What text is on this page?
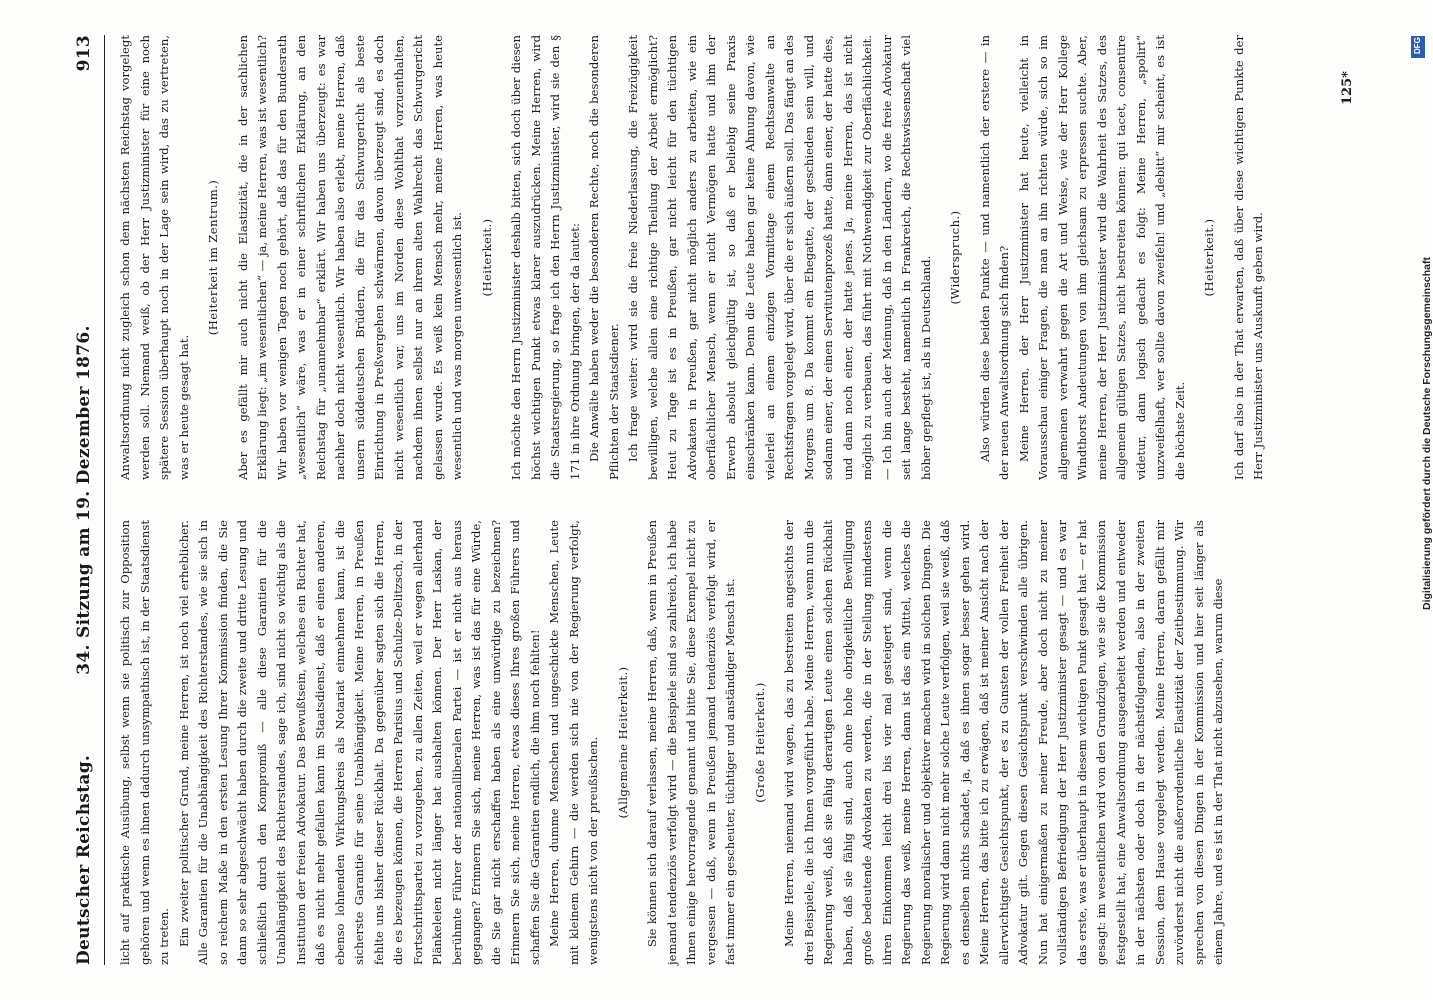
Deutscher Reichstag.
34. Sitzung am 19. Dezember 1876.
913

licht auf praktische Ausübung, selbst wenn sie politisch zur Opposition gehören und wenn es ihnen dadurch unsympathisch ist, in der Staatsdienst zu treten. Ein zweiter politischer Grund, meine Herren, ist noch viel erheblicher. Alle Garantien für die Unabhängigkeit des Richterstandes, wie sie sich in so reichem Maße in den ersten Lesung Ihrer Kommission finden, die Sie dann so sehr abgeschwächt haben durch die zweite und dritte Lesung und schließlich durch den Kompromiß — alle diese Garantien für die Unabhängigkeit des Richterstandes, sage ich, sind nicht so wichtig als die Institution der freien Advokatur. Das Bewußtsein, welches ein Richter hat, daß es nicht mehr gefallen kann im Staatsdienst, daß er einen anderen, ebenso lohnenden Wirkungskreis als Notariat einnehmen kann, ist die sicherste Garantie für seine Unabhängigkeit. Meine Herren, in Preußen fehlte uns bisher dieser Rückhalt. Da gegenüber sagten sich die Herren, die es bezeugen können, die Herren Parisius und Schulze-Delitzsch, in der Fortschrittspartei zu vorzugehen, zu allen Zeiten, weil er wegen allerhand Plänkeleien nicht länger hat aushalten können. Der Herr Laskan, der berühmte Führer der nationalliberalen Partei — ist er nicht aus heraus gegangen? Erinnern Sie sich, meine Herren, was ist das für eine Würde, die Sie gar nicht erschaffen haben als eine unwürdige zu bezeichnen? Erinnern Sie sich, meine Herren, etwas dieses Ihres großen Führers und schaffen Sie die Garantien endlich, die ihm noch fehlten! Meine Herren, dumme Menschen und ungeschickte Menschen, Leute mit kleinem Gehirn — die werden sich nie von der Regierung verfolgt, wenigstens nicht von der preußischen.	(Allgemeine Heiterkeit.)	Sie können sich darauf verlassen, meine Herren, daß, wenn in Preußen jemand tendenziös verfolgt wird — die Beispiele sind so zahlreich, ich habe Ihnen einige hervorragende genannt und bitte Sie, diese Exempel nicht zu vergessen — daß, wenn in Preußen jemand tendenziös verfolgt wird, er fast immer ein gescheuter, tüchtiger und anständiger Mensch ist.	(Große Heiterkeit.)	Meine Herren, niemand wird wagen, das zu bestreiten angesichts der drei Beispiele, die ich Ihnen vorgeführt habe. Meine Herren, wenn nun die Regierung weiß, daß sie fähig derartigen Leute einen solchen Rückhalt haben, daß sie fähig sind, auch ohne hohe obrigkeitliche Bewilligung große bedeutende Advokaten zu werden, die in der Stellung mindestens ihren Einkommen leicht drei bis vier mal gesteigert sind, wenn die Regierung das weiß, meine Herren, dann ist das ein Mittel, welches die Regierung moralischer und objektiver machen wird in solchen Dingen. Die Regierung wird dann nicht mehr solche Leute verfolgen, weil sie weiß, daß es denselben nichts schadet, ja, daß es ihnen sogar besser gehen wird. Meine Herren, das bitte ich zu erwägen, daß ist meiner Ansicht nach der allerwichtigste Gesichtspunkt, der es zu Gunsten der vollen Freiheit der Advokatur gilt. Gegen diesen Gesichtspunkt verschwinden alle übrigen. Nun hat einigermaßen zu meiner Freude, aber doch nicht zu meiner vollständigen Befriedigung der Herr Justizminister gesagt — und es war das erste, was er überhaupt in diesem wichtigen Punkt gesagt hat — er hat gesagt: im wesentlichen wird von den Grundzügen, wie sie die Kommission festgestellt hat, eine Anwaltsordnung ausgearbeitet werden und entweder in der nächsten oder doch in der nächstfolgenden, also in der zweiten Session, dem Hause vorgelegt werden. Meine Herren, daran gefällt mir zuvörderst nicht die außerordentliche Elastizität der Zeitbestimmung. Wir sprechen von diesen Dingen in der Kommission und hier seit länger als einem Jahre, und es ist in der That nicht abzusehen, warum diese

Anwaltsordnung nicht zugleich schon dem nächsten Reichstag vorgelegt werden soll. Niemand weiß, ob der Herr Justizminister für eine noch spätere Session überhaupt noch in der Lage sein wird, das zu vertreten, was er heute gesagt hat.

(Heiterkeit im Zentrum.)	Aber es gefällt mir auch nicht die Elastizität, die in der sachlichen Erklärung liegt: „im wesentlichen“ — ja, meine Herren, was ist wesentlich? Wir haben vor wenigen Tagen noch gehört, daß das für den Bundesrath „wesentlich“ wäre, was er in einer schriftlichen Erklärung, an den Reichstag für „unannehmbar“ erklärt. Wir haben uns überzeugt: es war nachher doch nicht wesentlich. Wir haben also erlebt, meine Herren, daß unsern süddeutschen Brüdern, die für das Schwurgericht als beste Einrichtung in Preßvergehen schwärmen, davon überzeugt sind, es doch nicht wesentlich war, uns im Norden diese Wohlthat vorzuenthalten, nachdem ihnen selbst nur an ihrem alten Wahlrecht das Schwurgericht gelassen wurde. Es weiß kein Mensch mehr, meine Herren, was heute wesentlich und was morgen unwesentlich ist.	(Heiterkeit.)	Ich möchte den Herrn Justizminister deshalb bitten, sich doch über diesen höchst wichtigen Punkt etwas klarer auszudrücken. Meine Herren, wird die Staatsregierung, so frage ich den Herrn Justizminister, wird sie den § 171 in ihre Ordnung bringen, der da lautet: Die Anwälte haben weder die besonderen Rechte, noch die besonderen Pflichten der Staatsdiener. Ich frage weiter: wird sie die freie Niederlassung, die Freizügigkeit bewilligen, welche allein eine richtige Theilung der Arbeit ermöglicht? Heut zu Tage ist es in Preußen, gar nicht leicht für den tüchtigen Advokaten in Preußen, gar nicht möglich anders zu arbeiten, wie ein oberflächlicher Mensch, wenn er nicht Vermögen hatte und ihm der Erwerb absolut gleichgültig ist, so daß er beliebig seine Praxis einschränken kann. Denn die Leute haben gar keine Ahnung davon, wie vielerlei an einem einzigen Vormittage einem Rechtsanwalte an Rechtsfragen vorgelegt wird, über die er sich äußern soll. Das fängt an des Morgens um 8. Da kommt ein Ehegatte, der geschieden sein will, und sodann einer, der einen Servitutenprozeß hatte, dann einer, der hatte dies, und dann noch einer, der hatte jenes. Ja, meine Herren, das ist nicht möglich zu verbauen, das führt mit Nothwendigkeit zur Oberflächlichkeit. — Ich bin auch der Meinung, daß in den Ländern, wo die freie Advokatur seit lange besteht, namentlich in Frankreich, die Rechtswissenschaft viel höher gepflegt ist, als in Deutschland.	(Widerspruch.)	Also würden diese beiden Punkte — und namentlich der erstere — in der neuen Anwaltsordnung sich finden? Meine Herren, der Herr Justizminister hat heute, vielleicht in Vorausschau einiger Fragen, die man an ihn richten würde, sich so im allgemeinen verwahrt gegen die Art und Weise, wie der Herr Kollege Windthorst Andeutungen von ihm gleichsam zu erpressen suchte. Aber, meine Herren, der Herr Justizminister wird die Wahrheit des Satzes, des allgemein gültigen Satzes, nicht bestreiten können: qui tacet, consentire videtur, dann logisch gedacht es folgt: Meine Herren, „spolirt“ unzweifelhaft, wer sollte davon zweifeln! und „debitt“ mir scheint, es ist die höchste Zeit.

(Heiterkeit.)	Ich darf also in der That erwarten, daß über diese wichtigen Punkte der Herr Justizminister uns Auskunft geben wird.

125*
Digitalisierung gefördert durch die Deutsche Forschungsgemeinschaft
DFG
